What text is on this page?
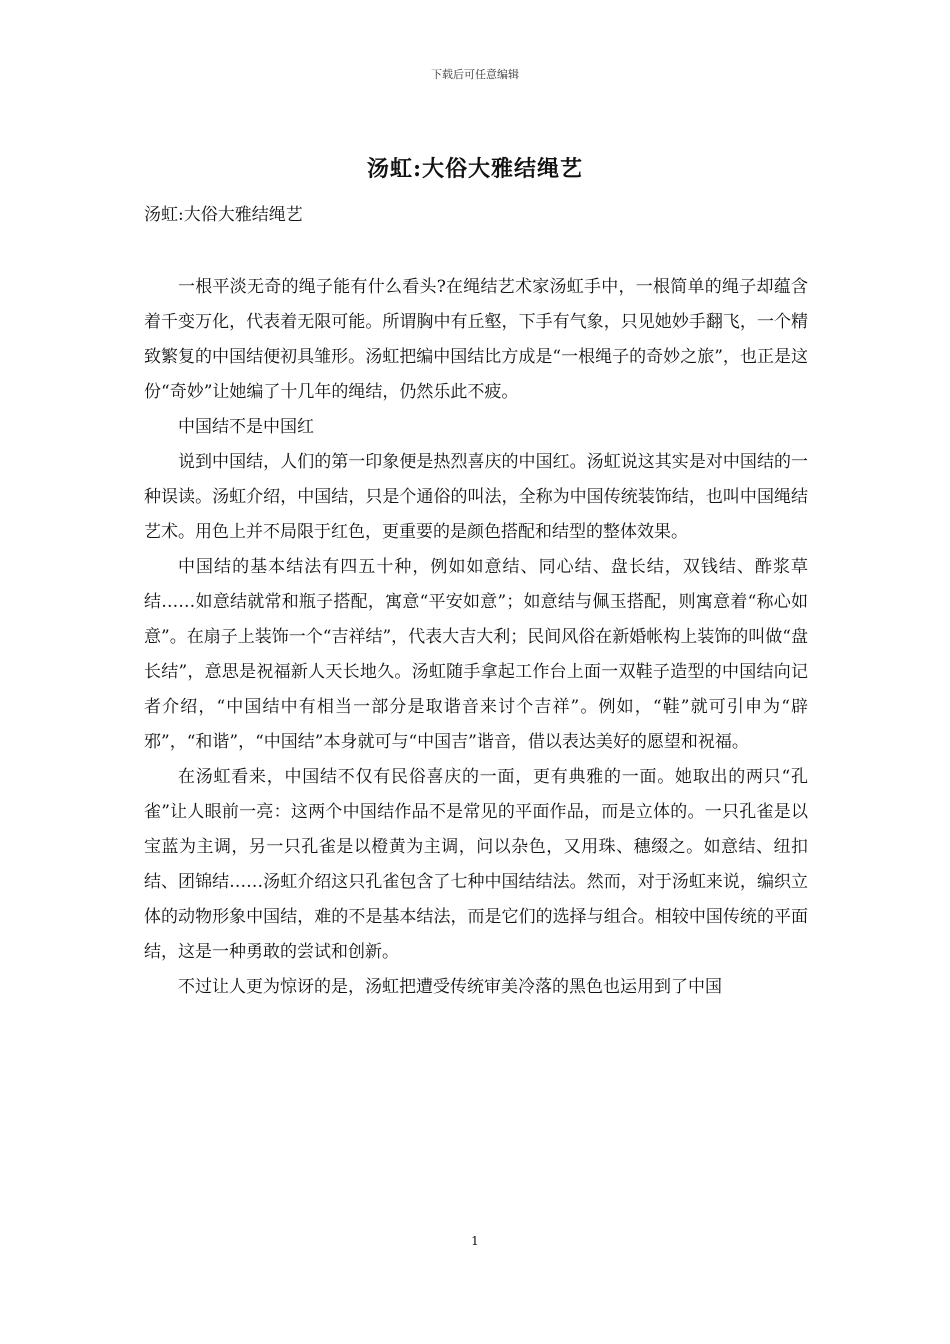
下载后可任意编辑
汤虹:大俗大雅结绳艺
汤虹:大俗大雅结绳艺

一根平淡无奇的绳子能有什么看头?在绳结艺术家汤虹手中，一根简单的绳子却蕴含着千变万化，代表着无限可能。所谓胸中有丘壑，下手有气象，只见她妙手翻飞，一个精致繁复的中国结便初具雏形。汤虹把编中国结比方成是“一根绳子的奇妙之旅”，也正是这份“奇妙”让她编了十几年的绳结，仍然乐此不疲。

中国结不是中国红

说到中国结，人们的第一印象便是热烈喜庆的中国红。汤虹说这其实是对中国结的一种误读。汤虹介绍，中国结，只是个通俗的叫法，全称为中国传统装饰结，也叫中国绳结艺术。用色上并不局限于红色，更重要的是颜色搭配和结型的整体效果。

中国结的基本结法有四五十种，例如如意结、同心结、盘长结，双钱结、酢浆草结……如意结就常和瓶子搭配，寓意“平安如意”；如意结与佩玉搭配，则寓意着“称心如意”。在扇子上装饰一个“吉祥结”，代表大吉大利；民间风俗在新婚帐构上装饰的叫做“盘长结”，意思是祝福新人天长地久。汤虹随手拿起工作台上面一双鞋子造型的中国结向记者介绍，“中国结中有相当一部分是取谐音来讨个吉祥”。例如，“鞋”就可引申为“辟邪”，“和谐”，“中国结”本身就可与“中国吉”谐音，借以表达美好的愿望和祝福。

在汤虹看来，中国结不仅有民俗喜庆的一面，更有典雅的一面。她取出的两只“孔雀”让人眼前一亮：这两个中国结作品不是常见的平面作品，而是立体的。一只孔雀是以宝蓝为主调，另一只孔雀是以橙黄为主调，问以杂色，又用珠、穗缀之。如意结、纽扣结、团锦结……汤虹介绍这只孔雀包含了七种中国结结法。然而，对于汤虹来说，编织立体的动物形象中国结，难的不是基本结法，而是它们的选择与组合。相较中国传统的平面结，这是一种勇敢的尝试和创新。

不过让人更为惊讶的是，汤虹把遭受传统审美冷落的黑色也运用到了中国

1
